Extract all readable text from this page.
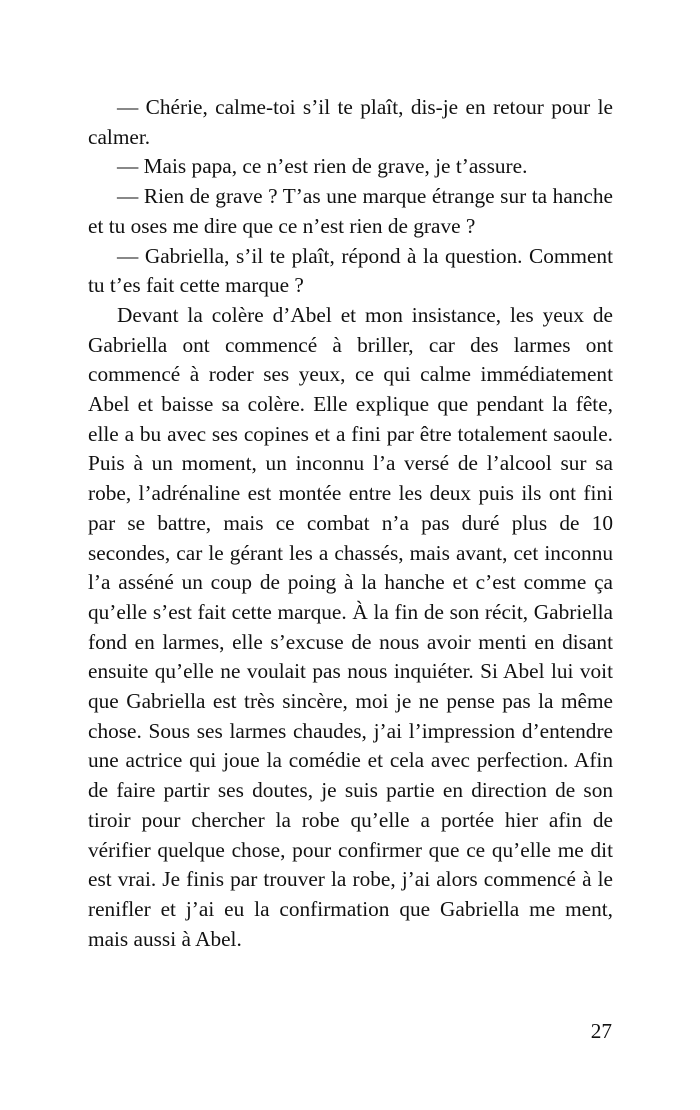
— Chérie, calme-toi s’il te plaît, dis-je en retour pour le calmer.

— Mais papa, ce n’est rien de grave, je t’assure.

— Rien de grave ? T’as une marque étrange sur ta hanche et tu oses me dire que ce n’est rien de grave ?

— Gabriella, s’il te plaît, répond à la question. Comment tu t’es fait cette marque ?

Devant la colère d’Abel et mon insistance, les yeux de Gabriella ont commencé à briller, car des larmes ont commencé à roder ses yeux, ce qui calme immédiatement Abel et baisse sa colère. Elle explique que pendant la fête, elle a bu avec ses copines et a fini par être totalement saoule. Puis à un moment, un inconnu l’a versé de l’alcool sur sa robe, l’adrénaline est montée entre les deux puis ils ont fini par se battre, mais ce combat n’a pas duré plus de 10 secondes, car le gérant les a chassés, mais avant, cet inconnu l’a asséné un coup de poing à la hanche et c’est comme ça qu’elle s’est fait cette marque. À la fin de son récit, Gabriella fond en larmes, elle s’excuse de nous avoir menti en disant ensuite qu’elle ne voulait pas nous inquiéter. Si Abel lui voit que Gabriella est très sincère, moi je ne pense pas la même chose. Sous ses larmes chaudes, j’ai l’impression d’entendre une actrice qui joue la comédie et cela avec perfection. Afin de faire partir ses doutes, je suis partie en direction de son tiroir pour chercher la robe qu’elle a portée hier afin de vérifier quelque chose, pour confirmer que ce qu’elle me dit est vrai. Je finis par trouver la robe, j’ai alors commencé à le renifler et j’ai eu la confirmation que Gabriella me ment, mais aussi à Abel.

27
